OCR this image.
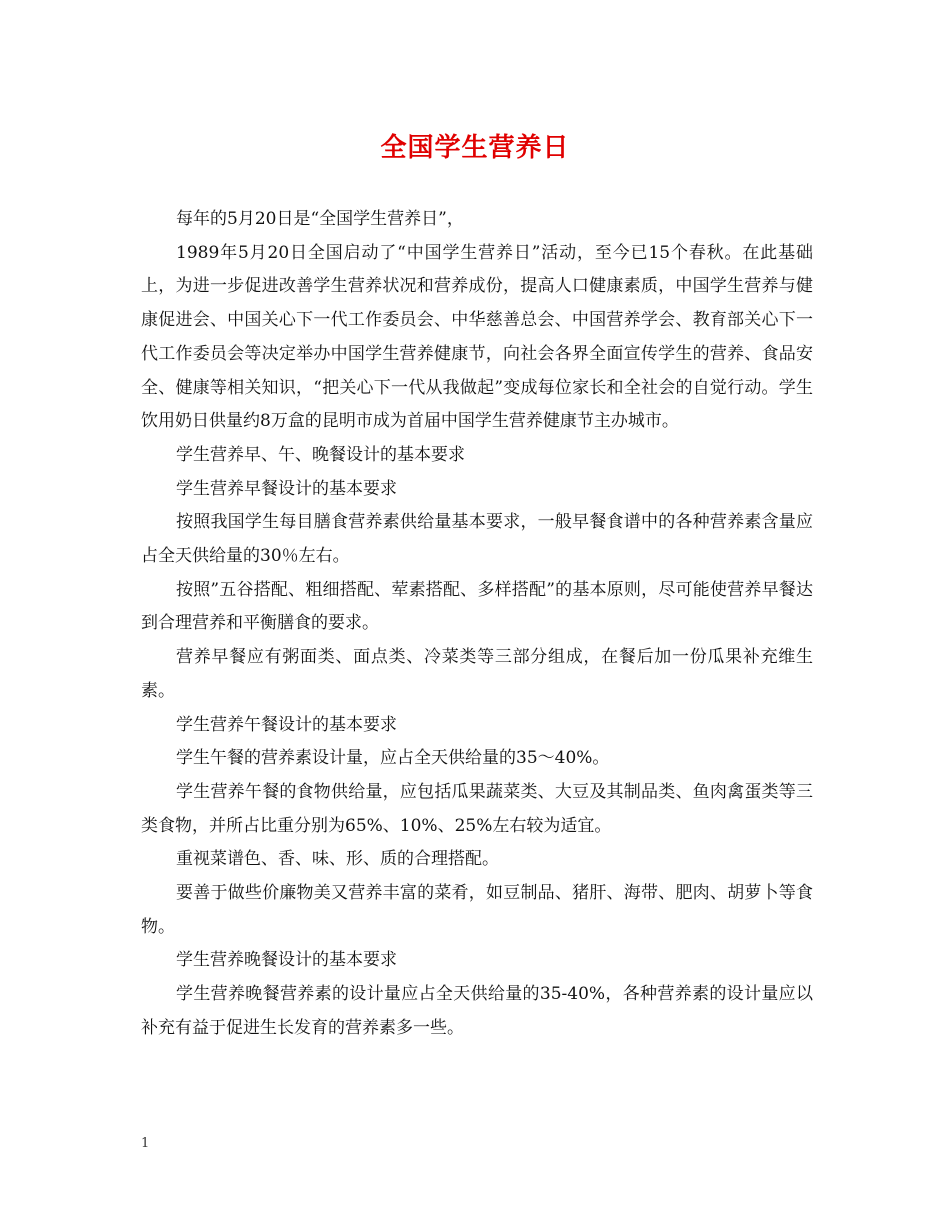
全国学生营养日

每年的5月20日是“全国学生营养日”，

1989年5月20日全国启动了“中国学生营养日”活动，至今已15个春秋。在此基础上，为进一步促进改善学生营养状况和营养成份，提高人口健康素质，中国学生营养与健康促进会、中国关心下一代工作委员会、中华慈善总会、中国营养学会、教育部关心下一代工作委员会等决定举办中国学生营养健康节，向社会各界全面宣传学生的营养、食品安全、健康等相关知识，“把关心下一代从我做起”变成每位家长和全社会的自觉行动。学生饮用奶日供量约8万盒的昆明市成为首届中国学生营养健康节主办城市。

学生营养早、午、晚餐设计的基本要求

学生营养早餐设计的基本要求

按照我国学生每目膳食营养素供给量基本要求，一般早餐食谱中的各种营养素含量应占全天供给量的30％左右。

按照”五谷搭配、粗细搭配、荤素搭配、多样搭配”的基本原则，尽可能使营养早餐达到合理营养和平衡膳食的要求。

营养早餐应有粥面类、面点类、冷菜类等三部分组成，在餐后加一份瓜果补充维生素。

学生营养午餐设计的基本要求

学生午餐的营养素设计量，应占全天供给量的35～40%。

学生营养午餐的食物供给量，应包括瓜果蔬菜类、大豆及其制品类、鱼肉禽蛋类等三类食物，并所占比重分别为65%、10%、25%左右较为适宜。

重视菜谱色、香、味、形、质的合理搭配。

要善于做些价廉物美又营养丰富的菜肴，如豆制品、猪肝、海带、肥肉、胡萝卜等食物。

学生营养晚餐设计的基本要求

学生营养晚餐营养素的设计量应占全天供给量的35-40%，各种营养素的设计量应以补充有益于促进生长发育的营养素多一些。

1
